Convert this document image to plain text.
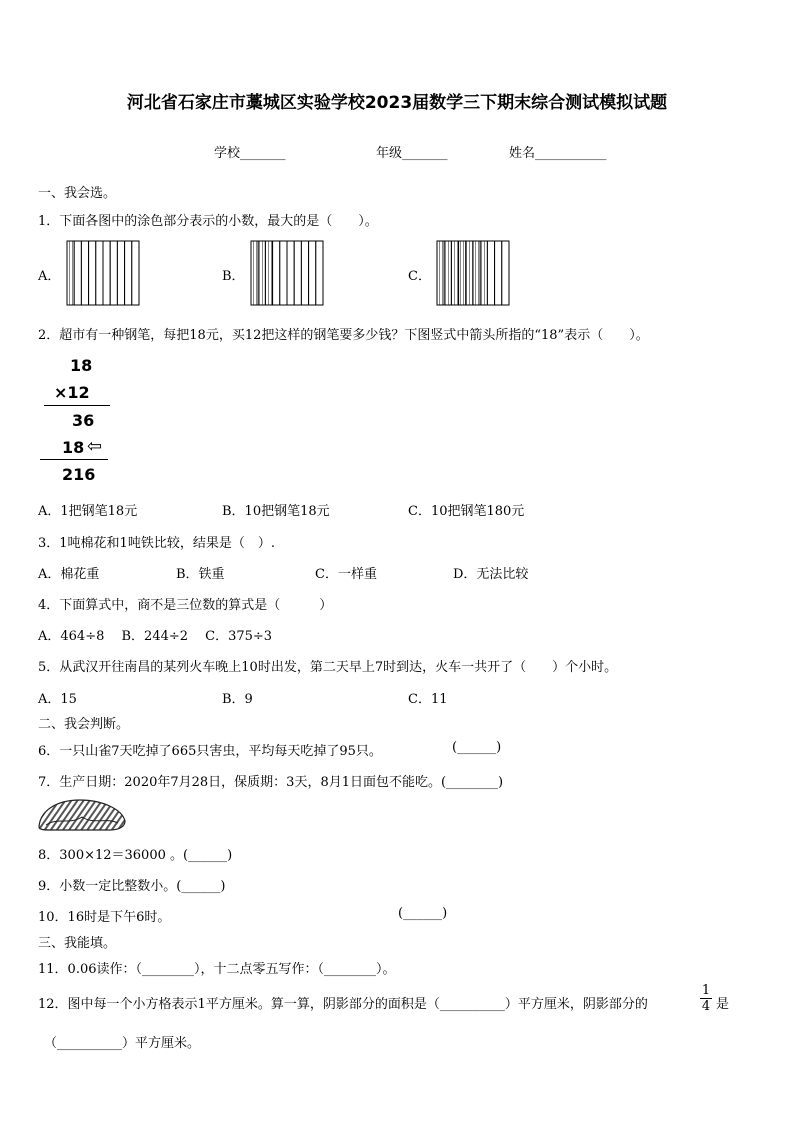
河北省石家庄市藁城区实验学校2023届数学三下期末综合测试模拟试题
学校_______	年级_______	姓名___________
一、我会选。
1．下面各图中的涂色部分表示的小数，最大的是（　　）。
A．	B．	C．
2．超市有一种钢笔，每把18元，买12把这样的钢笔要多少钱？下图竖式中箭头所指的“18”表示（　　）。
18
×12
36
18 ⇦
216
A．1把钢笔18元	B．10把钢笔18元	C．10把钢笔180元
3．1吨棉花和1吨铁比较，结果是（　）.
A．棉花重	B．铁重	C．一样重	D．无法比较
4．下面算式中，商不是三位数的算式是（　　　）
A．464÷8　 B．244÷2　 C．375÷3
5．从武汉开往南昌的某列火车晚上10时出发，第二天早上7时到达，火车一共开了（　　）个小时。
A．15	B．9	C．11
二、我会判断。
6．一只山雀7天吃掉了665只害虫，平均每天吃掉了95只。	(______)
7．生产日期：2020年7月28日，保质期：3天，8月1日面包不能吃。(________)
8．300×12＝36000 。(______)
9．小数一定比整数小。(______)
10．16时是下午6时。	(______)
三、我能填。
11．0.06读作：（________），十二点零五写作：（________）。
12．图中每一个小方格表示1平方厘米。算一算，阴影部分的面积是（__________）平方厘米，阴影部分的	$\frac{1}{4}$ 是
（__________）平方厘米。
